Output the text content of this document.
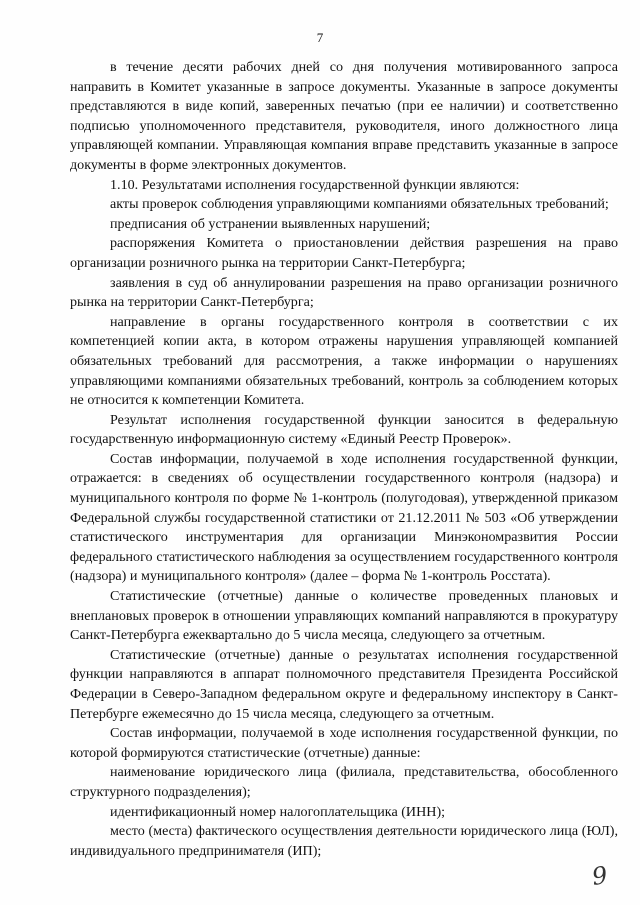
7

в течение десяти рабочих дней со дня получения мотивированного запроса направить в Комитет указанные в запросе документы. Указанные в запросе документы представляются в виде копий, заверенных печатью (при ее наличии) и соответственно подписью уполномоченного представителя, руководителя, иного должностного лица управляющей компании. Управляющая компания вправе представить указанные в запросе документы в форме электронных документов.

1.10. Результатами исполнения государственной функции являются:

акты проверок соблюдения управляющими компаниями обязательных требований;

предписания об устранении выявленных нарушений;

распоряжения Комитета о приостановлении действия разрешения на право организации розничного рынка на территории Санкт-Петербурга;

заявления в суд об аннулировании разрешения на право организации розничного рынка на территории Санкт-Петербурга;

направление в органы государственного контроля в соответствии с их компетенцией копии акта, в котором отражены нарушения управляющей компанией обязательных требований для рассмотрения, а также информации о нарушениях управляющими компаниями обязательных требований, контроль за соблюдением которых не относится к компетенции Комитета.

Результат исполнения государственной функции заносится в федеральную государственную информационную систему «Единый Реестр Проверок».

Состав информации, получаемой в ходе исполнения государственной функции, отражается: в сведениях об осуществлении государственного контроля (надзора) и муниципального контроля по форме № 1-контроль (полугодовая), утвержденной приказом Федеральной службы государственной статистики от 21.12.2011 № 503 «Об утверждении статистического инструментария для организации Минэкономразвития России федерального статистического наблюдения за осуществлением государственного контроля (надзора) и муниципального контроля» (далее – форма № 1-контроль Росстата).

Статистические (отчетные) данные о количестве проведенных плановых и внеплановых проверок в отношении управляющих компаний направляются в прокуратуру Санкт-Петербурга ежеквартально до 5 числа месяца, следующего за отчетным.

Статистические (отчетные) данные о результатах исполнения государственной функции направляются в аппарат полномочного представителя Президента Российской Федерации в Северо-Западном федеральном округе и федеральному инспектору в Санкт-Петербурге ежемесячно до 15 числа месяца, следующего за отчетным.

Состав информации, получаемой в ходе исполнения государственной функции, по которой формируются статистические (отчетные) данные:

наименование юридического лица (филиала, представительства, обособленного структурного подразделения);

идентификационный номер налогоплательщика (ИНН);

место (места) фактического осуществления деятельности юридического лица (ЮЛ), индивидуального предпринимателя (ИП);

9
